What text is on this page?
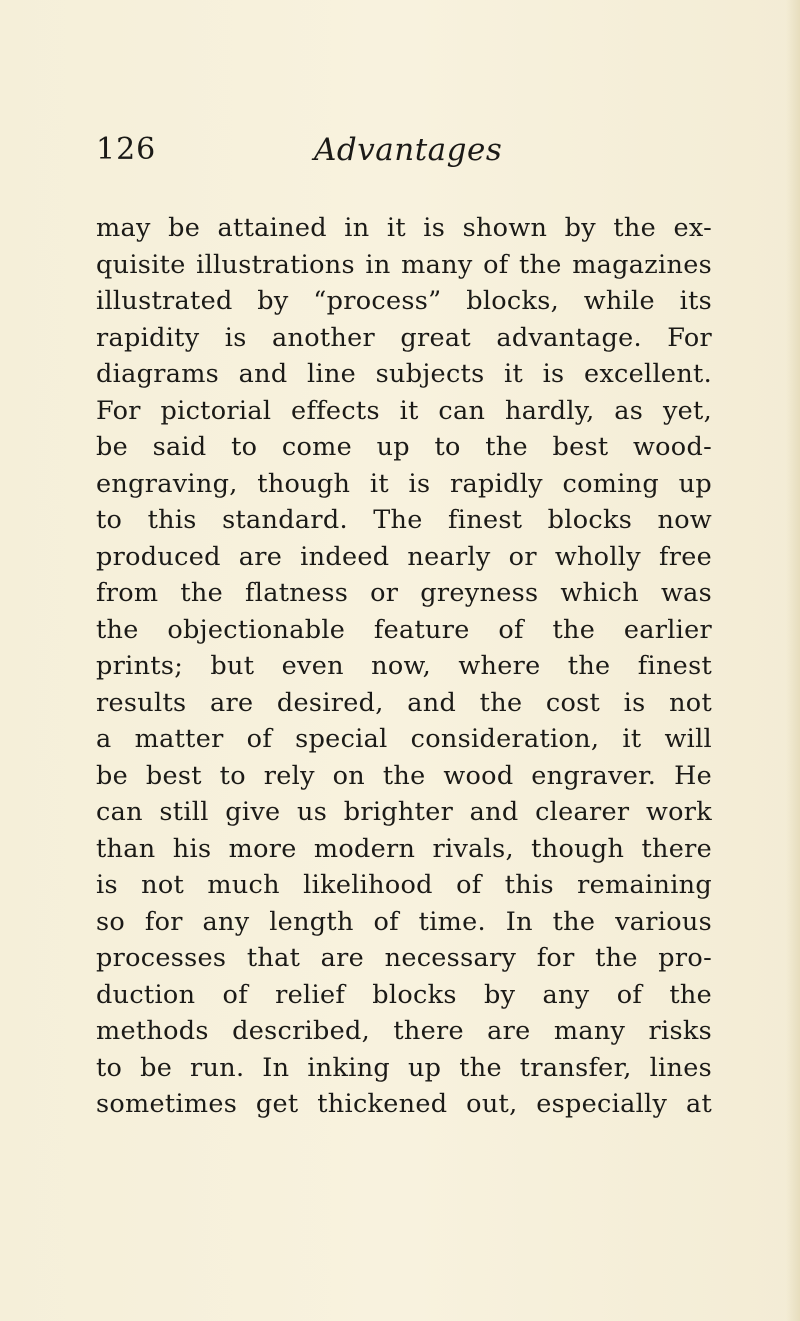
126	Advantages
may be attained in it is shown by the ex-
quisite illustrations in many of the magazines
illustrated by “process” blocks, while its
rapidity is another great advantage. For
diagrams and line subjects it is excellent.
For pictorial effects it can hardly, as yet,
be said to come up to the best wood-
engraving, though it is rapidly coming up
to this standard. The finest blocks now
produced are indeed nearly or wholly free
from the flatness or greyness which was
the objectionable feature of the earlier
prints; but even now, where the finest
results are desired, and the cost is not
a matter of special consideration, it will
be best to rely on the wood engraver. He
can still give us brighter and clearer work
than his more modern rivals, though there
is not much likelihood of this remaining
so for any length of time. In the various
processes that are necessary for the pro-
duction of relief blocks by any of the
methods described, there are many risks
to be run. In inking up the transfer, lines
sometimes get thickened out, especially at
